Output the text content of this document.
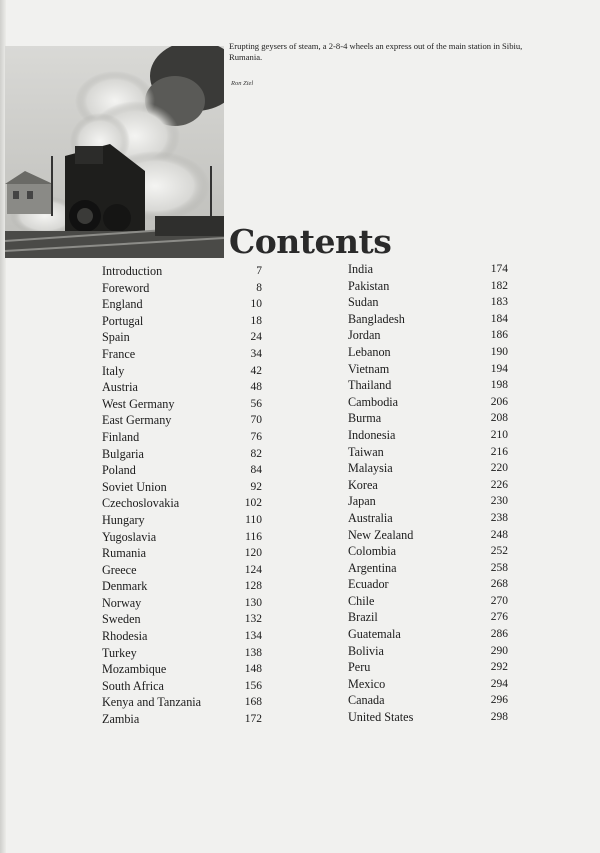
Erupting geysers of steam, a 2-8-4 wheels an express out of the main station in Sibiu, Rumania.
Ron Ziel
Contents
Introduction	7
Foreword	8
England	10
Portugal	18
Spain	24
France	34
Italy	42
Austria	48
West Germany	56
East Germany	70
Finland	76
Bulgaria	82
Poland	84
Soviet Union	92
Czechoslovakia	102
Hungary	110
Yugoslavia	116
Rumania	120
Greece	124
Denmark	128
Norway	130
Sweden	132
Rhodesia	134
Turkey	138
Mozambique	148
South Africa	156
Kenya and Tanzania	168
Zambia	172
India	174
Pakistan	182
Sudan	183
Bangladesh	184
Jordan	186
Lebanon	190
Vietnam	194
Thailand	198
Cambodia	206
Burma	208
Indonesia	210
Taiwan	216
Malaysia	220
Korea	226
Japan	230
Australia	238
New Zealand	248
Colombia	252
Argentina	258
Ecuador	268
Chile	270
Brazil	276
Guatemala	286
Bolivia	290
Peru	292
Mexico	294
Canada	296
United States	298
